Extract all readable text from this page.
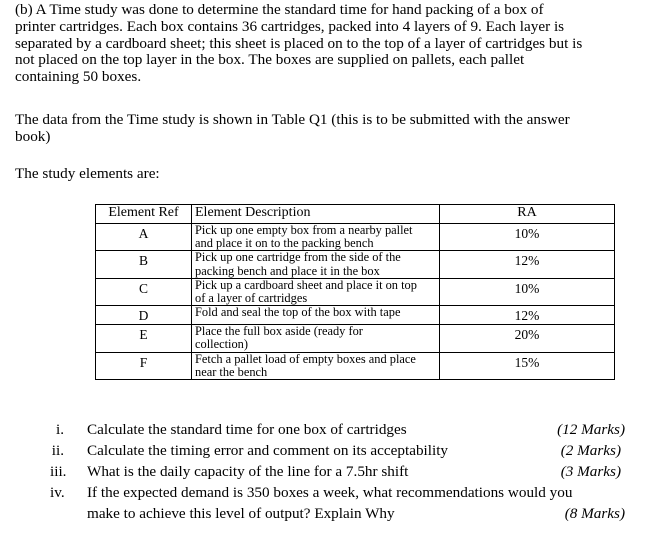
(b) A Time study was done to determine the standard time for hand packing of a box of
printer cartridges. Each box contains 36 cartridges, packed into 4 layers of 9. Each layer is
separated by a cardboard sheet; this sheet is placed on to the top of a layer of cartridges but is
not placed on the top layer in the box. The boxes are supplied on pallets, each pallet
containing 50 boxes.

The data from the Time study is shown in Table Q1 (this is to be submitted with the answer
book)

The study elements are:

Element Ref	Element Description	RA
A	Pick up one empty box from a nearby pallet
and place it on to the packing bench	10%
B	Pick up one cartridge from the side of the
packing bench and place it in the box	12%
C	Pick up a cardboard sheet and place it on top
of a layer of cartridges	10%
D	Fold and seal the top of the box with tape	12%
E	Place the full box aside (ready for
collection)	20%
F	Fetch a pallet load of empty boxes and place
near the bench	15%
i. Calculate the standard time for one box of cartridges	(12 Marks)
ii. Calculate the timing error and comment on its acceptability	(2 Marks)
iii. What is the daily capacity of the line for a 7.5hr shift	(3 Marks)
iv. If the expected demand is 350 boxes a week, what recommendations would you
make to achieve this level of output? Explain Why	(8 Marks)
